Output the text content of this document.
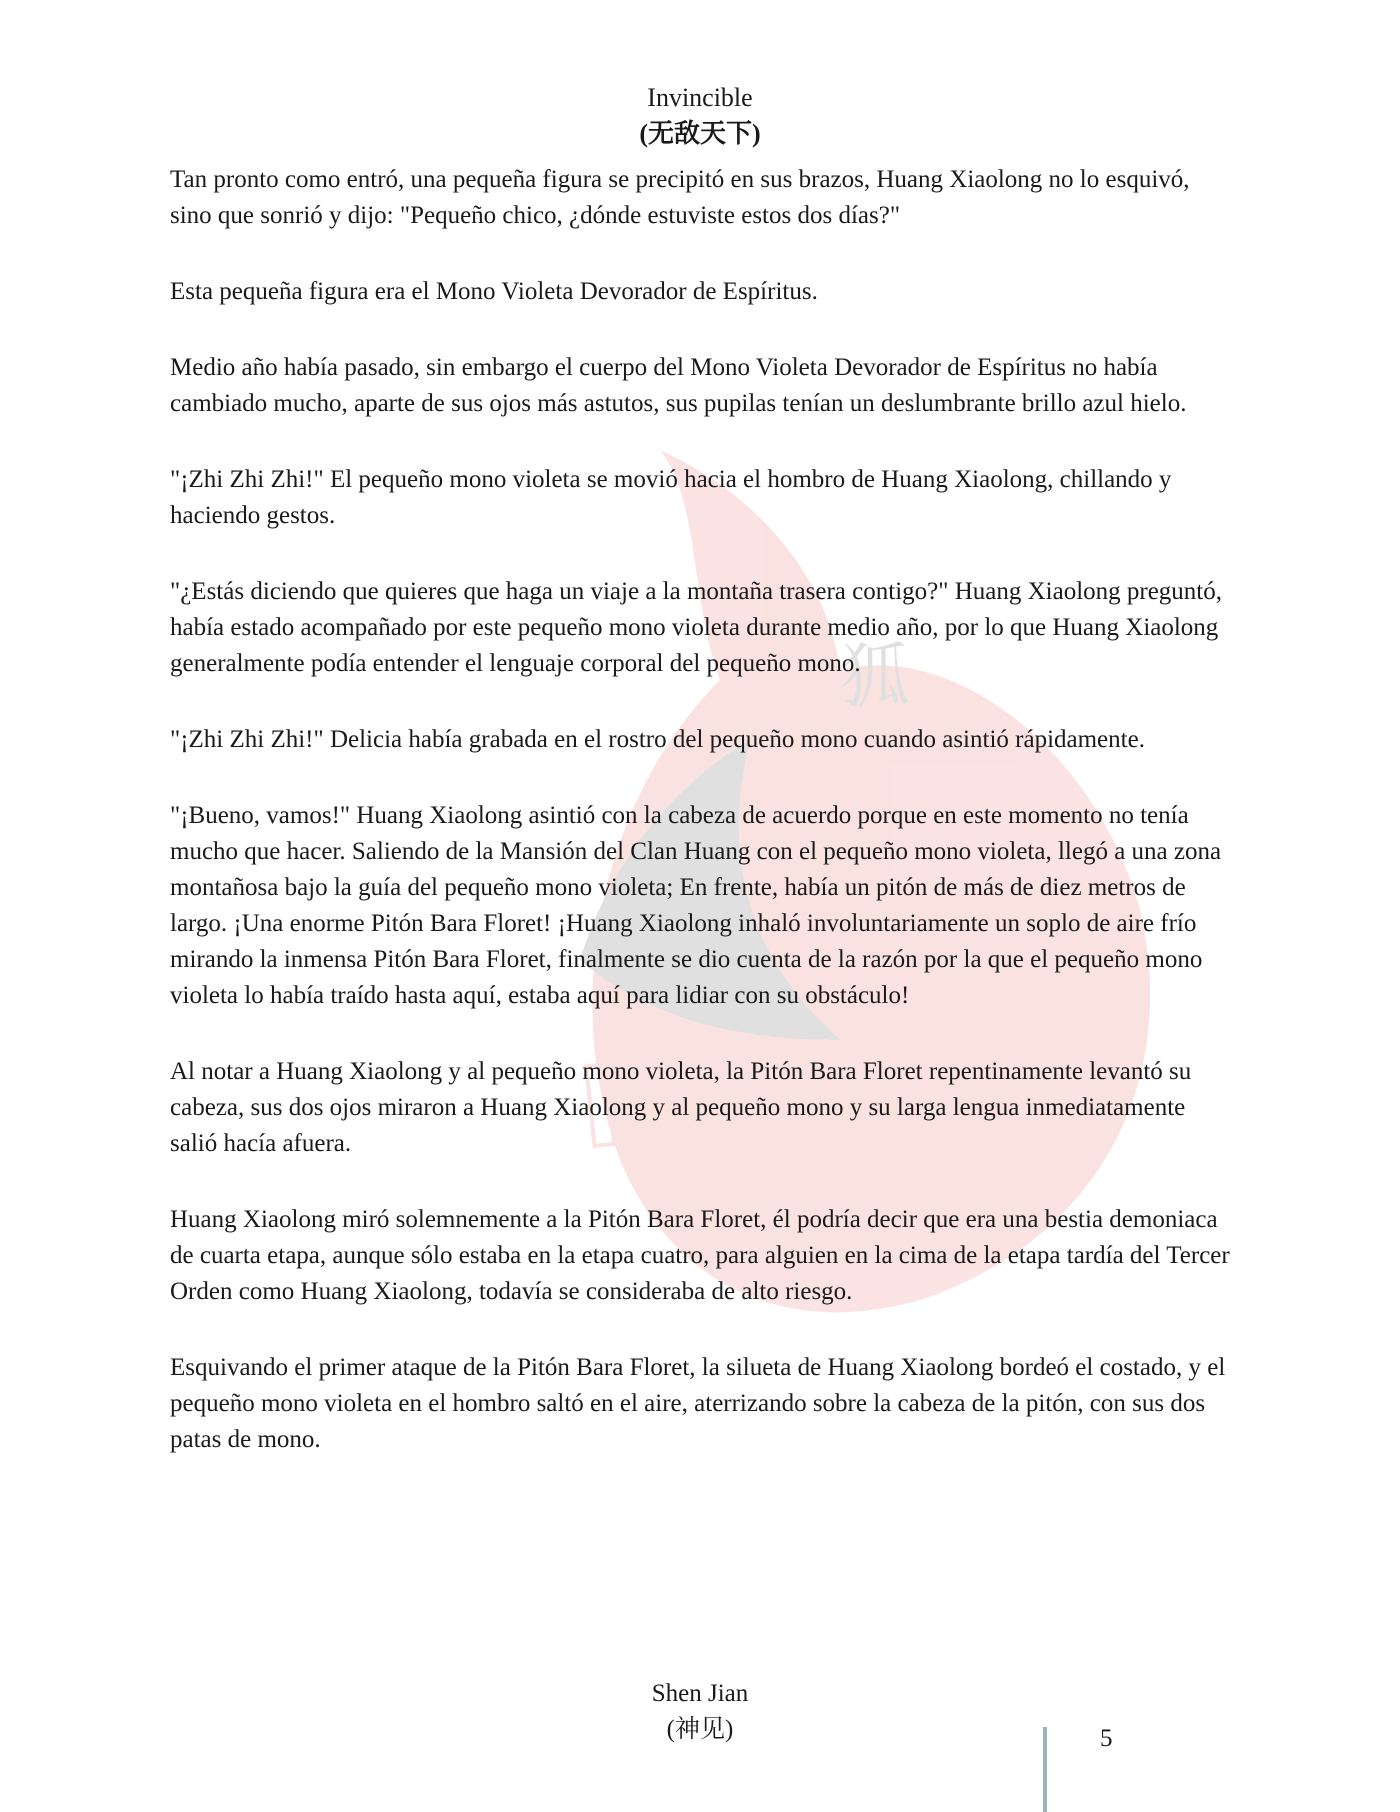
狐
NOVELIGERAS
Invincible
(无敌天下)

Tan pronto como entró, una pequeña figura se precipitó en sus brazos, Huang Xiaolong no lo esquivó, sino que sonrió y dijo: "Pequeño chico, ¿dónde estuviste estos dos días?"

Esta pequeña figura era el Mono Violeta Devorador de Espíritus.

Medio año había pasado, sin embargo el cuerpo del Mono Violeta Devorador de Espíritus no había cambiado mucho, aparte de sus ojos más astutos, sus pupilas tenían un deslumbrante brillo azul hielo.

"¡Zhi Zhi Zhi!" El pequeño mono violeta se movió hacia el hombro de Huang Xiaolong, chillando y haciendo gestos.

"¿Estás diciendo que quieres que haga un viaje a la montaña trasera contigo?" Huang Xiaolong preguntó, había estado acompañado por este pequeño mono violeta durante medio año, por lo que Huang Xiaolong generalmente podía entender el lenguaje corporal del pequeño mono.

"¡Zhi Zhi Zhi!" Delicia había grabada en el rostro del pequeño mono cuando asintió rápidamente.

"¡Bueno, vamos!" Huang Xiaolong asintió con la cabeza de acuerdo porque en este momento no tenía mucho que hacer. Saliendo de la Mansión del Clan Huang con el pequeño mono violeta, llegó a una zona montañosa bajo la guía del pequeño mono violeta; En frente, había un pitón de más de diez metros de largo. ¡Una enorme Pitón Bara Floret! ¡Huang Xiaolong inhaló involuntariamente un soplo de aire frío mirando la inmensa Pitón Bara Floret, finalmente se dio cuenta de la razón por la que el pequeño mono violeta lo había traído hasta aquí, estaba aquí para lidiar con su obstáculo!

Al notar a Huang Xiaolong y al pequeño mono violeta, la Pitón Bara Floret repentinamente levantó su cabeza, sus dos ojos miraron a Huang Xiaolong y al pequeño mono y su larga lengua inmediatamente salió hacía afuera.

Huang Xiaolong miró solemnemente a la Pitón Bara Floret, él podría decir que era una bestia demoniaca de cuarta etapa, aunque sólo estaba en la etapa cuatro, para alguien en la cima de la etapa tardía del Tercer Orden como Huang Xiaolong, todavía se consideraba de alto riesgo.

Esquivando el primer ataque de la Pitón Bara Floret, la silueta de Huang Xiaolong bordeó el costado, y el pequeño mono violeta en el hombro saltó en el aire, aterrizando sobre la cabeza de la pitón, con sus dos patas de mono.

Shen Jian
(神见)	5
